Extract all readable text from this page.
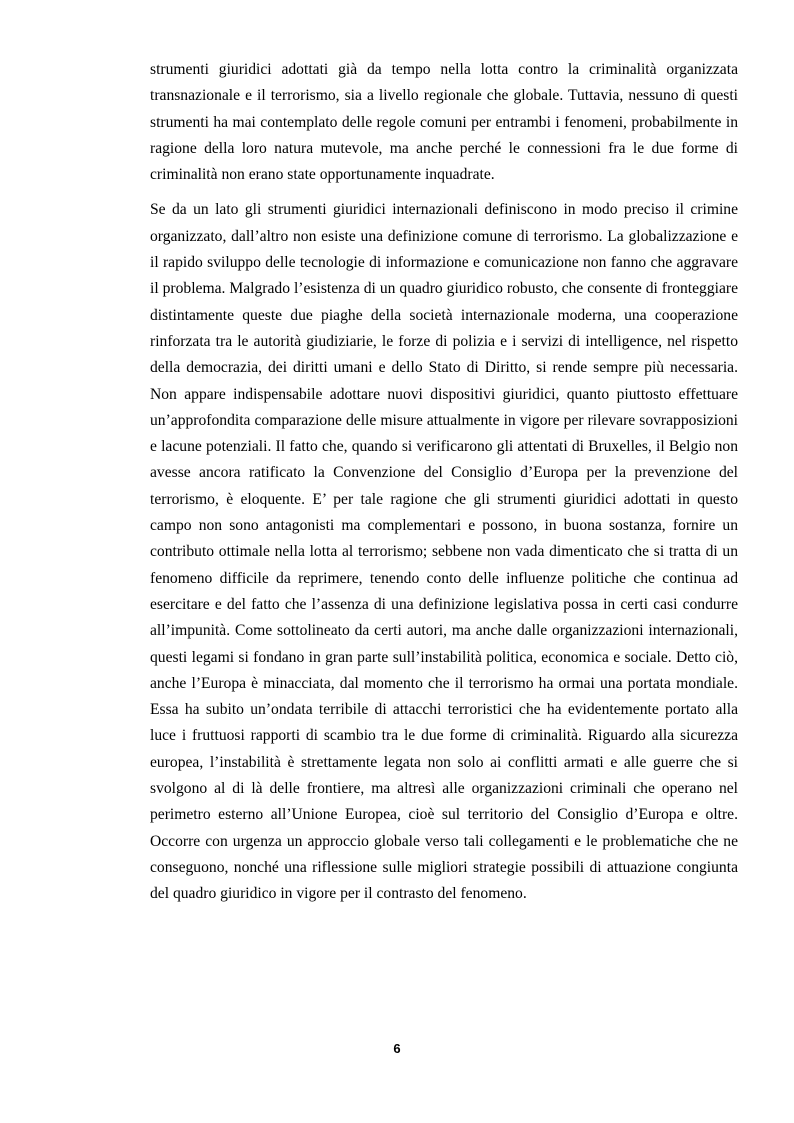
strumenti giuridici adottati già da tempo nella lotta contro la criminalità organizzata transnazionale e il terrorismo, sia a livello regionale che globale. Tuttavia, nessuno di questi strumenti ha mai contemplato delle regole comuni per entrambi i fenomeni, probabilmente in ragione della loro natura mutevole, ma anche perché le connessioni fra le due forme di criminalità non erano state opportunamente inquadrate.

Se da un lato gli strumenti giuridici internazionali definiscono in modo preciso il crimine organizzato, dall’altro non esiste una definizione comune di terrorismo. La globalizzazione e il rapido sviluppo delle tecnologie di informazione e comunicazione non fanno che aggravare il problema. Malgrado l’esistenza di un quadro giuridico robusto, che consente di fronteggiare distintamente queste due piaghe della società internazionale moderna, una cooperazione rinforzata tra le autorità giudiziarie, le forze di polizia e i servizi di intelligence, nel rispetto della democrazia, dei diritti umani e dello Stato di Diritto, si rende sempre più necessaria. Non appare indispensabile adottare nuovi dispositivi giuridici, quanto piuttosto effettuare un’approfondita comparazione delle misure attualmente in vigore per rilevare sovrapposizioni e lacune potenziali. Il fatto che, quando si verificarono gli attentati di Bruxelles, il Belgio non avesse ancora ratificato la Convenzione del Consiglio d’Europa per la prevenzione del terrorismo, è eloquente. E’ per tale ragione che gli strumenti giuridici adottati in questo campo non sono antagonisti ma complementari e possono, in buona sostanza, fornire un contributo ottimale nella lotta al terrorismo; sebbene non vada dimenticato che si tratta di un fenomeno difficile da reprimere, tenendo conto delle influenze politiche che continua ad esercitare e del fatto che l’assenza di una definizione legislativa possa in certi casi condurre all’impunità. Come sottolineato da certi autori, ma anche dalle organizzazioni internazionali, questi legami si fondano in gran parte sull’instabilità politica, economica e sociale. Detto ciò, anche l’Europa è minacciata, dal momento che il terrorismo ha ormai una portata mondiale. Essa ha subito un’ondata terribile di attacchi terroristici che ha evidentemente portato alla luce i fruttuosi rapporti di scambio tra le due forme di criminalità. Riguardo alla sicurezza europea, l’instabilità è strettamente legata non solo ai conflitti armati e alle guerre che si svolgono al di là delle frontiere, ma altresì alle organizzazioni criminali che operano nel perimetro esterno all’Unione Europea, cioè sul territorio del Consiglio d’Europa e oltre. Occorre con urgenza un approccio globale verso tali collegamenti e le problematiche che ne conseguono, nonché una riflessione sulle migliori strategie possibili di attuazione congiunta del quadro giuridico in vigore per il contrasto del fenomeno.

6
